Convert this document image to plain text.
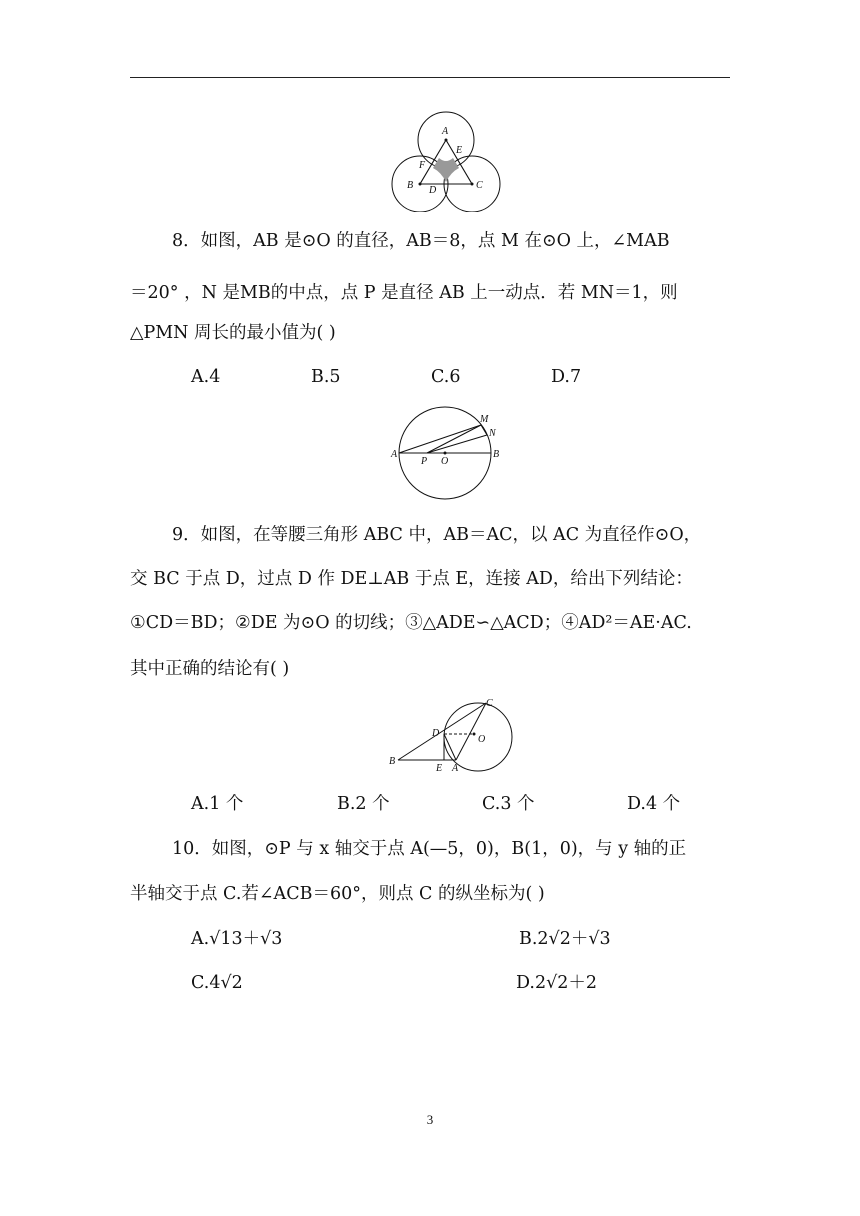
A
E
F
B D	C
8．如图，AB 是⊙O 的直径，AB＝8，点 M 在⊙O 上，∠MAB
＝20° ，N 是MB的中点，点 P 是直径 AB 上一动点．若 MN＝1，则
△PMN 周长的最小值为( )
A.4	B.5	C.6	D.7
A
P O
B
M
N
9．如图，在等腰三角形 ABC 中，AB＝AC，以 AC 为直径作⊙O，
交 BC 于点 D，过点 D 作 DE⊥AB 于点 E，连接 AD，给出下列结论：
①CD＝BD；②DE 为⊙O 的切线；③△ADE∽△ACD；④AD²＝AE·AC.
其中正确的结论有( )
C
D
O
B
E A
A.1 个	B.2 个	C.3 个	D.4 个
10．如图，⊙P 与 x 轴交于点 A(—5，0)，B(1，0)，与 y 轴的正
半轴交于点 C.若∠ACB＝60°，则点 C 的纵坐标为( )
A.√13＋√3	B.2√2＋√3
C.4√2	D.2√2＋2
3
